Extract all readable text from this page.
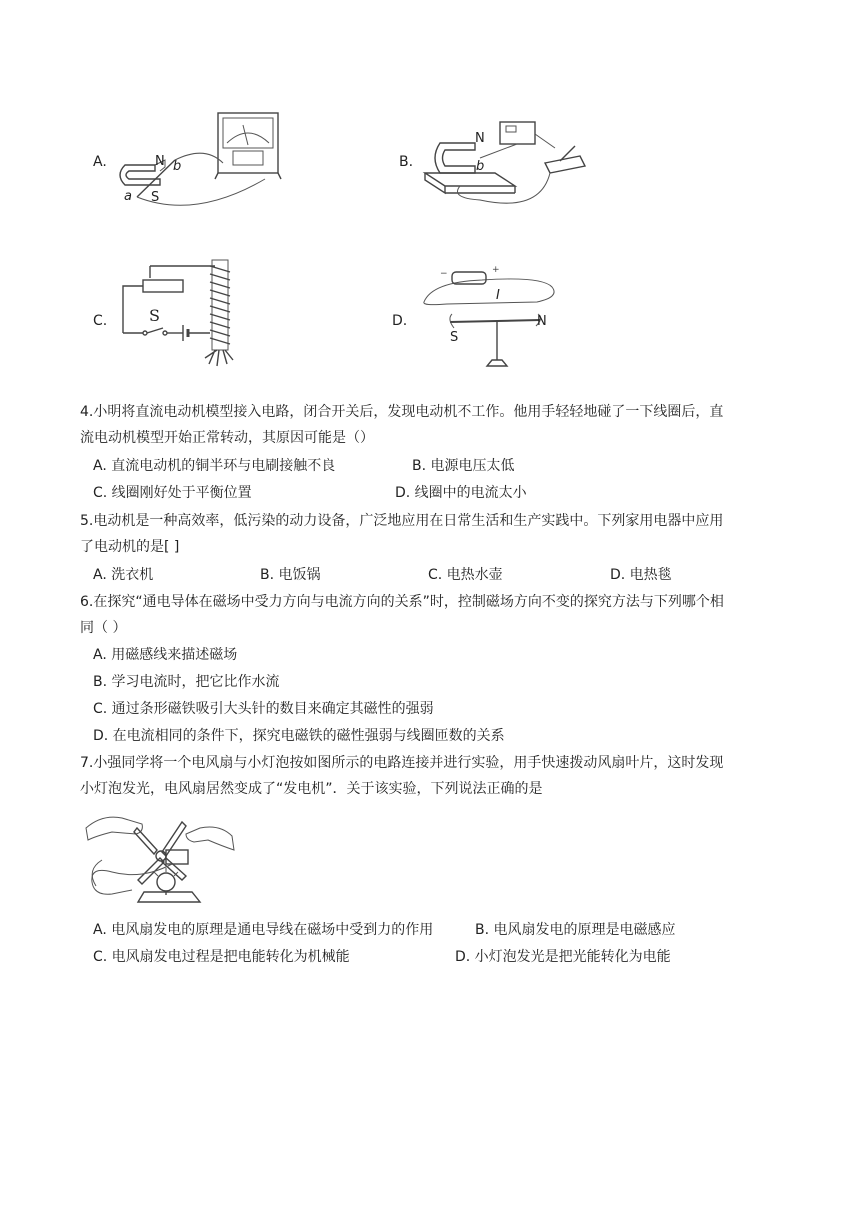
A.	N
S
a
b	B.
N
b
C.	S	D.
−	+
I
S
N
4.小明将直流电动机模型接入电路，闭合开关后，发现电动机不工作。他用手轻轻地碰了一下线圈后，直
流电动机模型开始正常转动，其原因可能是（）
A. 直流电动机的铜半环与电刷接触不良	B. 电源电压太低
C. 线圈刚好处于平衡位置	D. 线圈中的电流太小
5.电动机是一种高效率，低污染的动力设备，广泛地应用在日常生活和生产实践中。下列家用电器中应用
了电动机的是[ ]
A. 洗衣机	B. 电饭锅	C. 电热水壶	D. 电热毯
6.在探究“通电导体在磁场中受力方向与电流方向的关系”时，控制磁场方向不变的探究方法与下列哪个相
同（ ）
A. 用磁感线来描述磁场
B. 学习电流时，把它比作水流
C. 通过条形磁铁吸引大头针的数目来确定其磁性的强弱
D. 在电流相同的条件下，探究电磁铁的磁性强弱与线圈匝数的关系
7.小强同学将一个电风扇与小灯泡按如图所示的电路连接并进行实验，用手快速拨动风扇叶片，这时发现
小灯泡发光，电风扇居然变成了“发电机”．关于该实验，下列说法正确的是
A. 电风扇发电的原理是通电导线在磁场中受到力的作用	B. 电风扇发电的原理是电磁感应
C. 电风扇发电过程是把电能转化为机械能	D. 小灯泡发光是把光能转化为电能
